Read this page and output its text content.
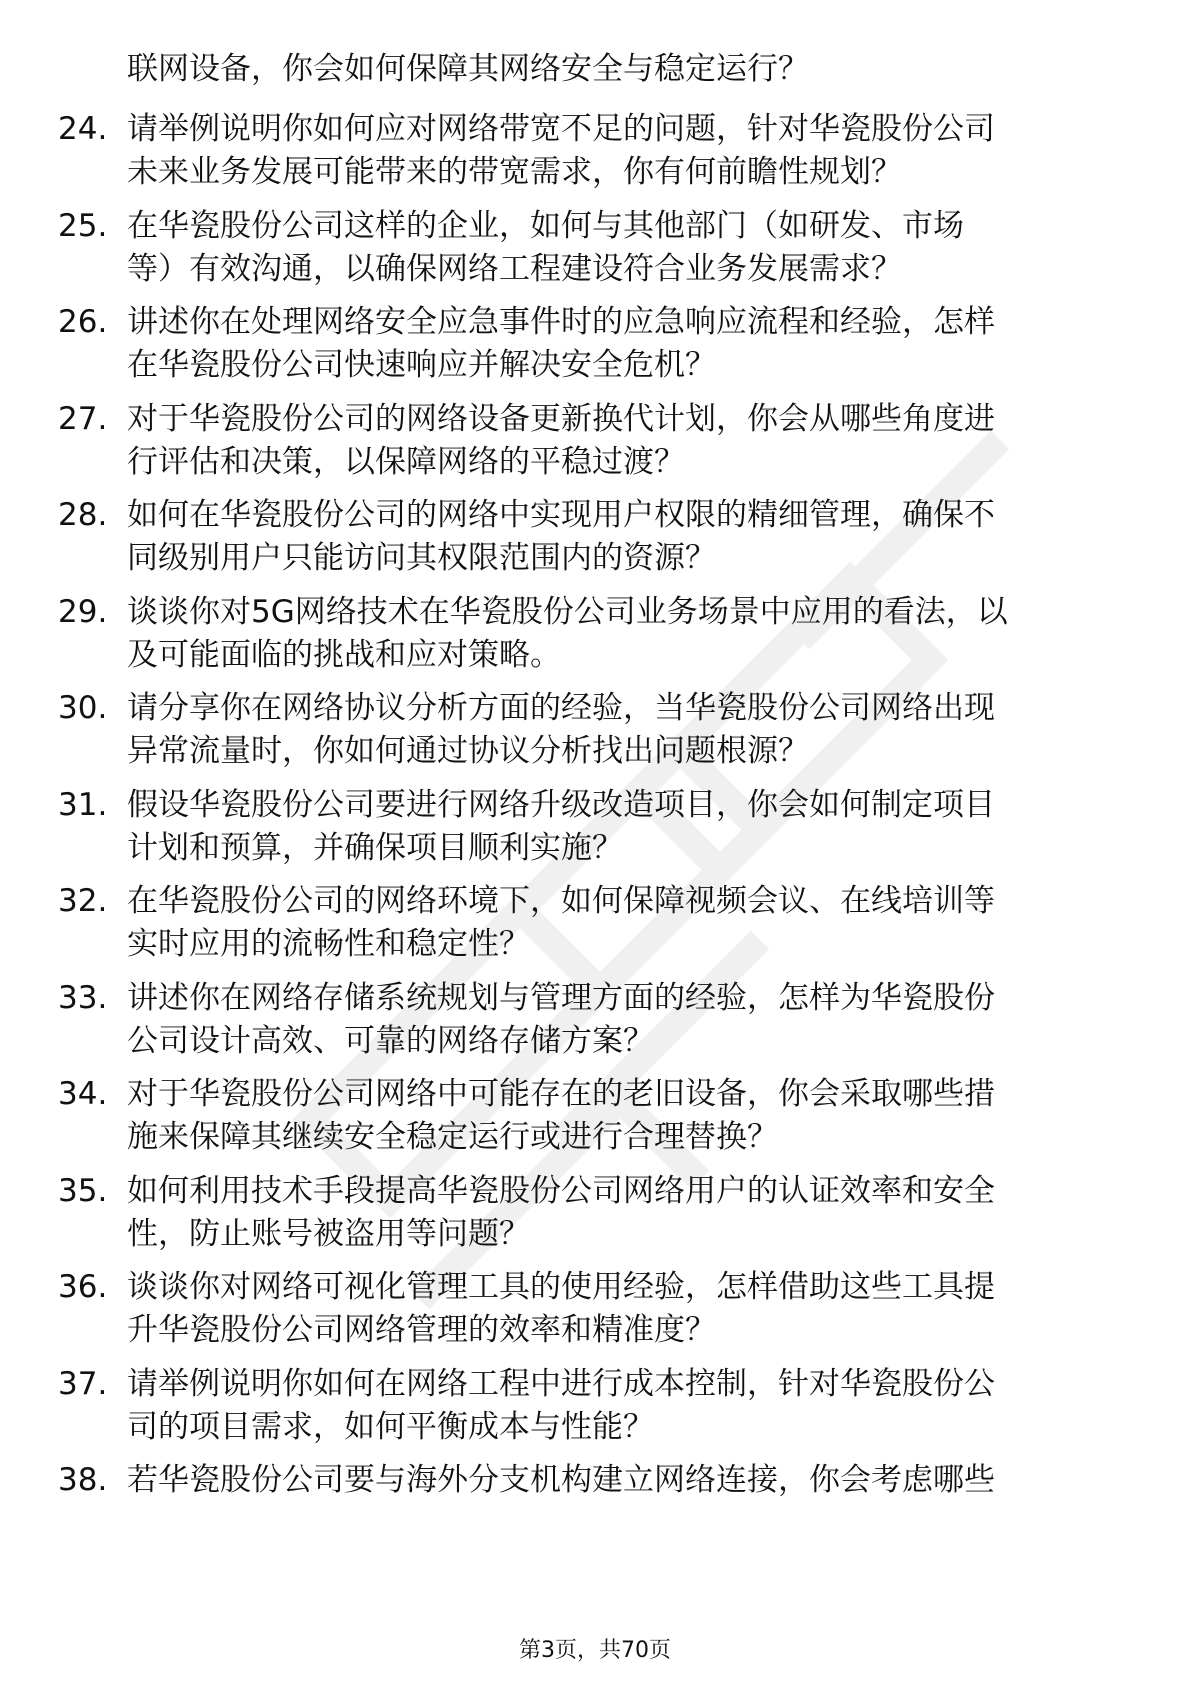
联网设备，你会如何保障其网络安全与稳定运行？
24. 请举例说明你如何应对网络带宽不足的问题，针对华瓷股份公司
未来业务发展可能带来的带宽需求，你有何前瞻性规划？
25. 在华瓷股份公司这样的企业，如何与其他部门（如研发、市场
等）有效沟通，以确保网络工程建设符合业务发展需求？
26. 讲述你在处理网络安全应急事件时的应急响应流程和经验，怎样
在华瓷股份公司快速响应并解决安全危机？
27. 对于华瓷股份公司的网络设备更新换代计划，你会从哪些角度进
行评估和决策，以保障网络的平稳过渡？
28. 如何在华瓷股份公司的网络中实现用户权限的精细管理，确保不
同级别用户只能访问其权限范围内的资源？
29. 谈谈你对5G网络技术在华瓷股份公司业务场景中应用的看法，以
及可能面临的挑战和应对策略。
30. 请分享你在网络协议分析方面的经验，当华瓷股份公司网络出现
异常流量时，你如何通过协议分析找出问题根源？
31. 假设华瓷股份公司要进行网络升级改造项目，你会如何制定项目
计划和预算，并确保项目顺利实施？
32. 在华瓷股份公司的网络环境下，如何保障视频会议、在线培训等
实时应用的流畅性和稳定性？
33. 讲述你在网络存储系统规划与管理方面的经验，怎样为华瓷股份
公司设计高效、可靠的网络存储方案？
34. 对于华瓷股份公司网络中可能存在的老旧设备，你会采取哪些措
施来保障其继续安全稳定运行或进行合理替换？
35. 如何利用技术手段提高华瓷股份公司网络用户的认证效率和安全
性，防止账号被盗用等问题？
36. 谈谈你对网络可视化管理工具的使用经验，怎样借助这些工具提
升华瓷股份公司网络管理的效率和精准度？
37. 请举例说明你如何在网络工程中进行成本控制，针对华瓷股份公
司的项目需求，如何平衡成本与性能？
38. 若华瓷股份公司要与海外分支机构建立网络连接，你会考虑哪些
第3页，共70页
